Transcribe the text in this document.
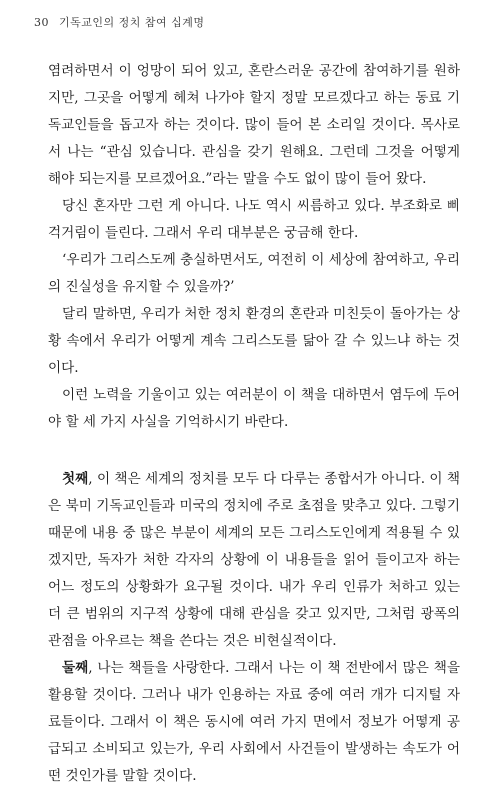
30 기독교인의 정치 참여 십계명

염려하면서 이 엉망이 되어 있고, 혼란스러운 공간에 참여하기를 원하지만, 그곳을 어떻게 헤쳐 나가야 할지 정말 모르겠다고 하는 동료 기독교인들을 돕고자 하는 것이다. 많이 들어 본 소리일 것이다. 목사로서 나는 “관심 있습니다. 관심을 갖기 원해요. 그런데 그것을 어떻게 해야 되는지를 모르겠어요.”라는 말을 수도 없이 많이 들어 왔다.

당신 혼자만 그런 게 아니다. 나도 역시 씨름하고 있다. 부조화로 삐걱거림이 들린다. 그래서 우리 대부분은 궁금해 한다.

‘우리가 그리스도께 충실하면서도, 여전히 이 세상에 참여하고, 우리의 진실성을 유지할 수 있을까?’

달리 말하면, 우리가 처한 정치 환경의 혼란과 미친듯이 돌아가는 상황 속에서 우리가 어떻게 계속 그리스도를 닮아 갈 수 있느냐 하는 것이다.

이런 노력을 기울이고 있는 여러분이 이 책을 대하면서 염두에 두어야 할 세 가지 사실을 기억하시기 바란다.

첫째, 이 책은 세계의 정치를 모두 다 다루는 종합서가 아니다. 이 책은 북미 기독교인들과 미국의 정치에 주로 초점을 맞추고 있다. 그렇기 때문에 내용 중 많은 부분이 세계의 모든 그리스도인에게 적용될 수 있겠지만, 독자가 처한 각자의 상황에 이 내용들을 읽어 들이고자 하는 어느 정도의 상황화가 요구될 것이다. 내가 우리 인류가 처하고 있는 더 큰 범위의 지구적 상황에 대해 관심을 갖고 있지만, 그처럼 광폭의 관점을 아우르는 책을 쓴다는 것은 비현실적이다.

둘째, 나는 책들을 사랑한다. 그래서 나는 이 책 전반에서 많은 책을 활용할 것이다. 그러나 내가 인용하는 자료 중에 여러 개가 디지털 자료들이다. 그래서 이 책은 동시에 여러 가지 면에서 정보가 어떻게 공급되고 소비되고 있는가, 우리 사회에서 사건들이 발생하는 속도가 어떤 것인가를 말할 것이다.
